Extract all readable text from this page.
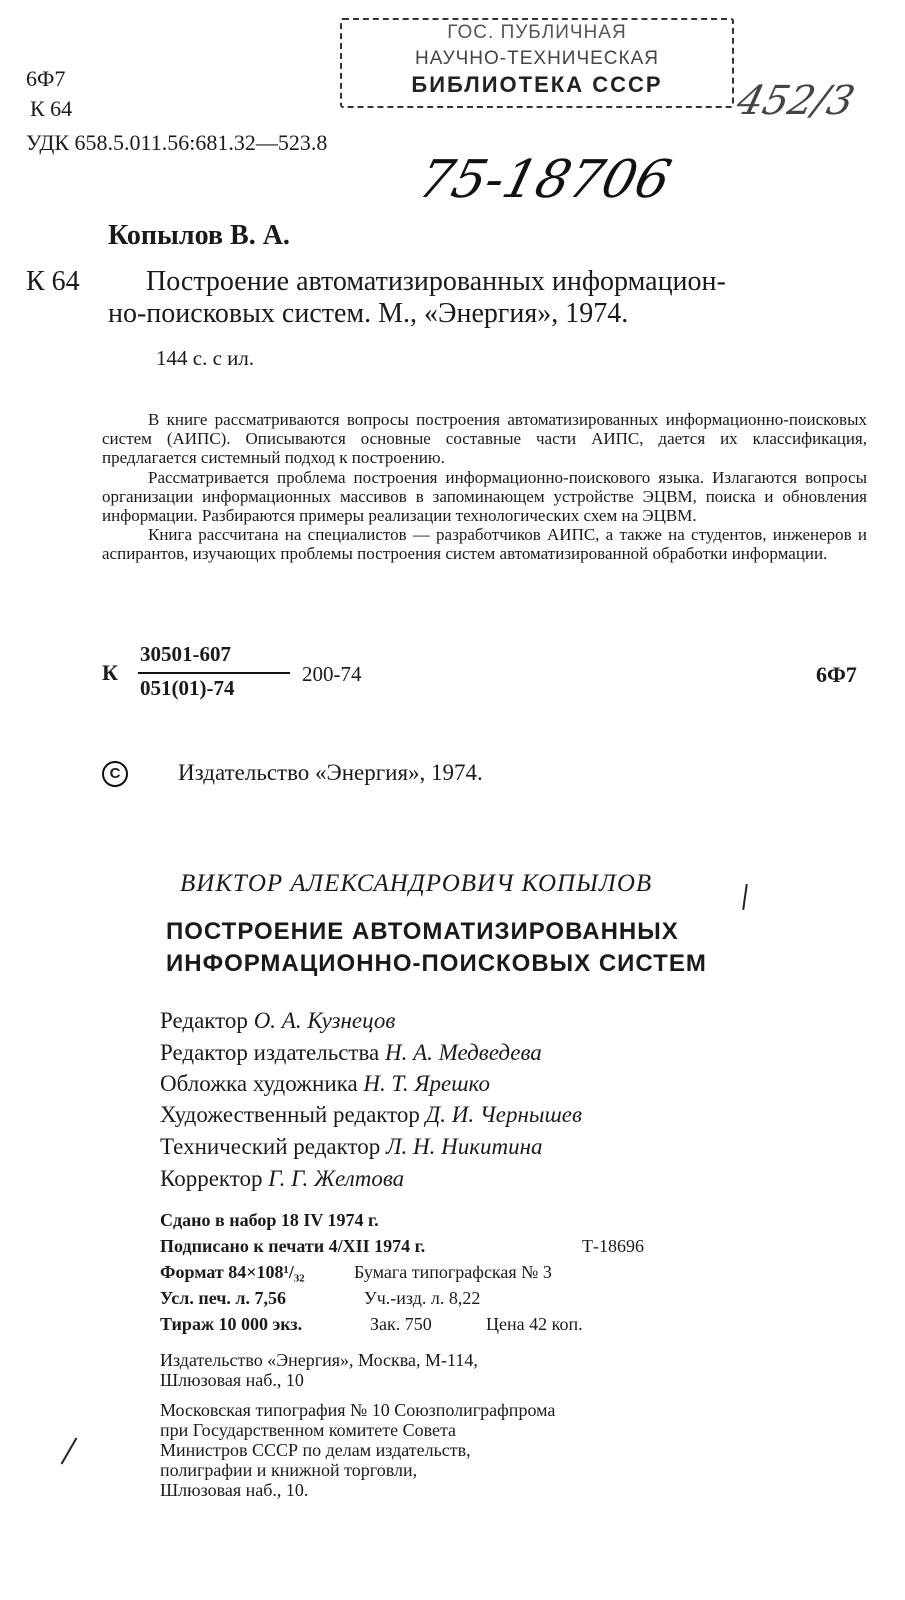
6Ф7
К 64
УДК 658.5.011.56:681.32—523.8
ГОС. ПУБЛИЧНАЯ
НАУЧНО-ТЕХНИЧЕСКАЯ
БИБЛИОТЕКА СССР
75-18706
452/3
Копылов В. А.
К 64 Построение автоматизированных информацион-
но-поисковых систем. М., «Энергия», 1974.
144 с. с ил.

В книге рассматриваются вопросы построения автоматизированных информационно-поисковых систем (АИПС). Описываются основные составные части АИПС, дается их классификация, предлагается системный подход к построению.

Рассматривается проблема построения информационно-поискового языка. Излагаются вопросы организации информационных массивов в запоминающем устройстве ЭЦВМ, поиска и обновления информации. Разбираются примеры реализации технологических схем на ЭЦВМ.

Книга рассчитана на специалистов — разработчиков АИПС, а также на студентов, инженеров и аспирантов, изучающих проблемы построения систем автоматизированной обработки информации.

К
30501-607
051(01)-74
200-74	6Ф7
C	Издательство «Энергия», 1974.
ВИКТОР АЛЕКСАНДРОВИЧ КОПЫЛОВ
ПОСТРОЕНИЕ АВТОМАТИЗИРОВАННЫХ
ИНФОРМАЦИОННО-ПОИСКОВЫХ СИСТЕМ
Редактор О. А. Кузнецов
Редактор издательства Н. А. Медведева
Обложка художника Н. Т. Ярешко
Художественный редактор Д. И. Чернышев
Технический редактор Л. Н. Никитина
Корректор Г. Г. Желтова
Сдано в набор 18 IV 1974 г.
Подписано к печати 4/XII 1974 г.	Т-18696
Формат 84×108¹/₃₂	Бумага типографская № 3
Усл. печ. л. 7,56	Уч.-изд. л. 8,22
Тираж 10 000 экз.	Зак. 750	Цена 42 коп.
Издательство «Энергия», Москва, М-114,
Шлюзовая наб., 10
Московская типография № 10 Союзполиграфпрома
при Государственном комитете Совета
Министров СССР по делам издательств,
полиграфии и книжной торговли,
Шлюзовая наб., 10.
